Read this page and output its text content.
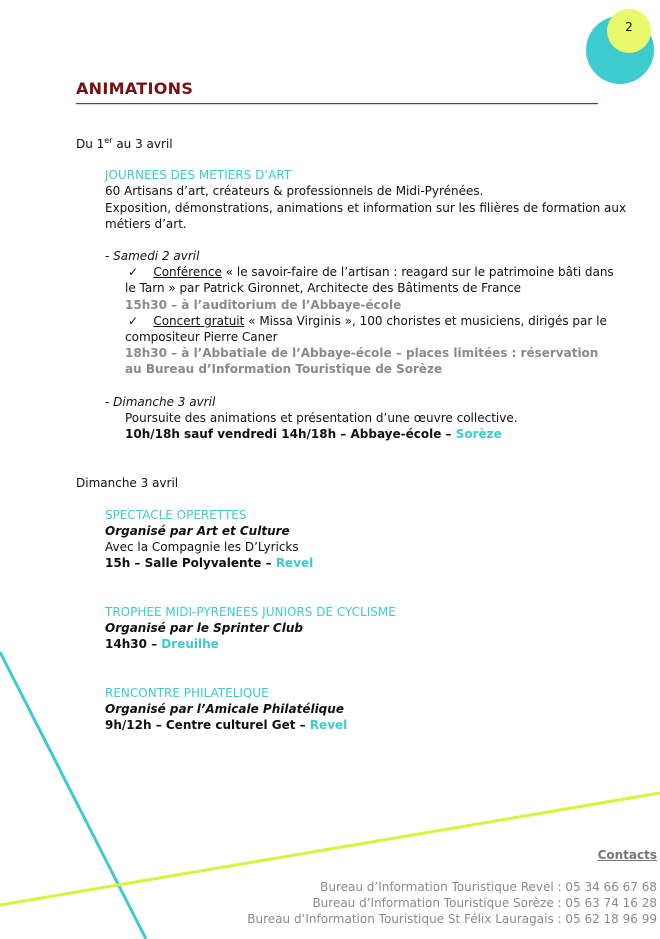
2
ANIMATIONS
Du 1er au 3 avril
JOURNEES DES METIERS D’ART
60 Artisans d’art, créateurs & professionnels de Midi-Pyrénées.
Exposition, démonstrations, animations et information sur les filières de formation aux
métiers d’art.
- Samedi 2 avril
✓ Conférence « le savoir-faire de l’artisan : reagard sur le patrimoine bâti dans
le Tarn » par Patrick Gironnet, Architecte des Bâtiments de France
15h30 – à l’auditorium de l’Abbaye-école
✓ Concert gratuit « Missa Virginis », 100 choristes et musiciens, dirigés par le
compositeur Pierre Caner
18h30 – à l’Abbatiale de l’Abbaye-école – places limitées : réservation
au Bureau d’Information Touristique de Sorèze
- Dimanche 3 avril
Poursuite des animations et présentation d’une œuvre collective.
10h/18h sauf vendredi 14h/18h – Abbaye-école – Sorèze
Dimanche 3 avril
SPECTACLE OPERETTES
Organisé par Art et Culture
Avec la Compagnie les D’Lyricks
15h – Salle Polyvalente – Revel
TROPHEE MIDI-PYRENEES JUNIORS DE CYCLISME
Organisé par le Sprinter Club
14h30 – Dreuilhe
RENCONTRE PHILATELIQUE
Organisé par l’Amicale Philatélique
9h/12h – Centre culturel Get – Revel
Contacts
Bureau d’Information Touristique Revel : 05 34 66 67 68
Bureau d’Information Touristique Sorèze : 05 63 74 16 28
Bureau d’Information Touristique St Félix Lauragais : 05 62 18 96 99
